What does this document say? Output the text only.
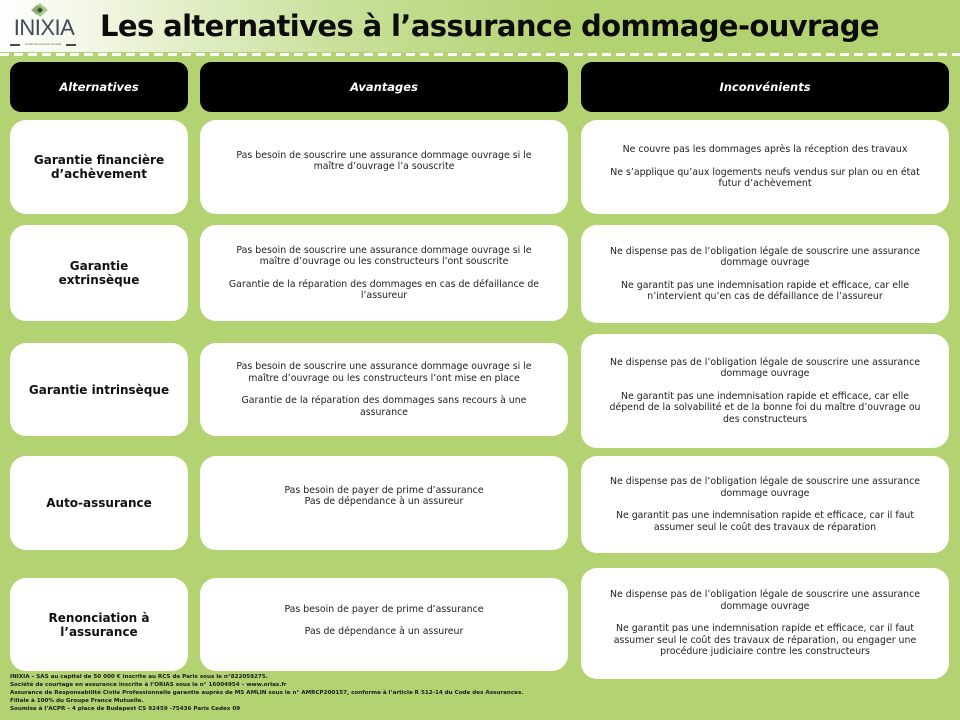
INIXIA
Audit Assurance Conseil
Les alternatives à l’assurance dommage-ouvrage
Alternatives	Avantages	Inconvénients
Garantie financière d’achèvement

Pas besoin de souscrire une assurance dommage ouvrage si le maître d’ouvrage l’a souscrite

Ne couvre pas les dommages après la réception des travaux

Ne s’applique qu’aux logements neufs vendus sur plan ou en état futur d’achèvement

Garantie extrinsèque

Pas besoin de souscrire une assurance dommage ouvrage si le maître d’ouvrage ou les constructeurs l’ont souscrite

Garantie de la réparation des dommages en cas de défaillance de l’assureur

Ne dispense pas de l’obligation légale de souscrire une assurance dommage ouvrage

Ne garantit pas une indemnisation rapide et efficace, car elle n’intervient qu’en cas de défaillance de l’assureur

Garantie intrinsèque

Pas besoin de souscrire une assurance dommage ouvrage si le maître d’ouvrage ou les constructeurs l’ont mise en place

Garantie de la réparation des dommages sans recours à une assurance

Ne dispense pas de l’obligation légale de souscrire une assurance dommage ouvrage

Ne garantit pas une indemnisation rapide et efficace, car elle dépend de la solvabilité et de la bonne foi du maître d’ouvrage ou des constructeurs

Auto-assurance

Pas besoin de payer de prime d’assurance

Pas de dépendance à un assureur

Ne dispense pas de l’obligation légale de souscrire une assurance dommage ouvrage

Ne garantit pas une indemnisation rapide et efficace, car il faut assumer seul le coût des travaux de réparation

Renonciation à l’assurance

Pas besoin de payer de prime d’assurance

Pas de dépendance à un assureur

Ne dispense pas de l’obligation légale de souscrire une assurance dommage ouvrage

Ne garantit pas une indemnisation rapide et efficace, car il faut assumer seul le coût des travaux de réparation, ou engager une procédure judiciaire contre les constructeurs

INIXIA – SAS au capital de 50 000 € inscrite au RCS de Paris sous le n°822059275.
Société de courtage en assurance inscrite à l’ORIAS sous le n° 16004954 – www.orias.fr
Assurance de Responsabilité Civile Professionnelle garantie auprès de MS AMLIN sous le n° AMRCP200157, conforme à l’article R 512-14 du Code des Assurances.
Filiale à 100% du Groupe France Mutuelle.
Soumise à l’ACPR – 4 place de Budapest CS 92459 -75436 Paris Cedex 09
